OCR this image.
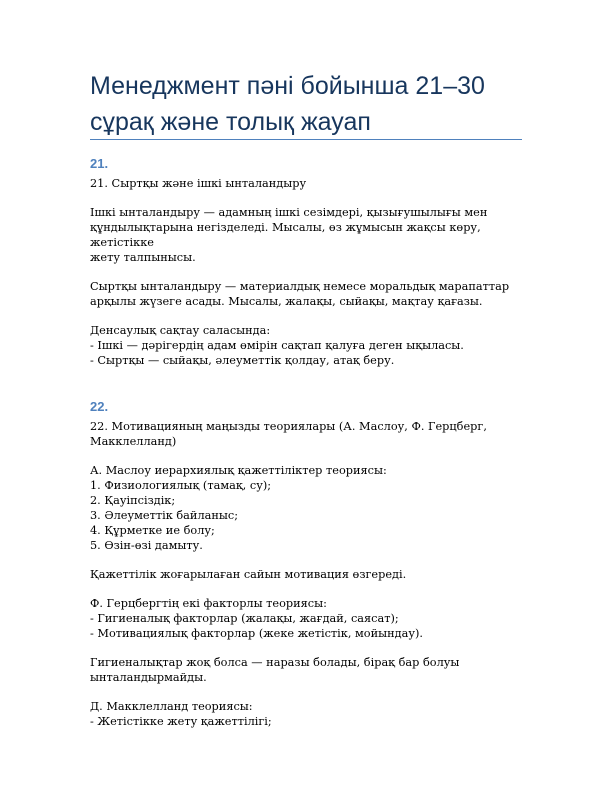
Менеджмент пәні бойынша 21–30
сұрақ және толық жауап
21.
21. Сыртқы және ішкі ынталандыру
Ішкі ынталандыру — адамның ішкі сезімдері, қызығушылығы мен
құндылықтарына негізделеді. Мысалы, өз жұмысын жақсы көру, жетістікке
жету талпынысы.
Сыртқы ынталандыру — материалдық немесе моральдық марапаттар
арқылы жүзеге асады. Мысалы, жалақы, сыйақы, мақтау қағазы.
Денсаулық сақтау саласында:
- Ішкі — дәрігердің адам өмірін сақтап қалуға деген ықыласы.
- Сыртқы — сыйақы, әлеуметтік қолдау, атақ беру.
22.
22. Мотивацияның маңызды теориялары (А. Маслоу, Ф. Герцберг,
Макклелланд)
А. Маслоу иерархиялық қажеттіліктер теориясы:
1. Физиологиялық (тамақ, су);
2. Қауіпсіздік;
3. Әлеуметтік байланыс;
4. Құрметке ие болу;
5. Өзін-өзі дамыту.
Қажеттілік жоғарылаған сайын мотивация өзгереді.
Ф. Герцбергтің екі факторлы теориясы:
- Гигиеналық факторлар (жалақы, жағдай, саясат);
- Мотивациялық факторлар (жеке жетістік, мойындау).
Гигиеналықтар жоқ болса — наразы болады, бірақ бар болуы
ынталандырмайды.
Д. Макклелланд теориясы:
- Жетістікке жету қажеттілігі;
